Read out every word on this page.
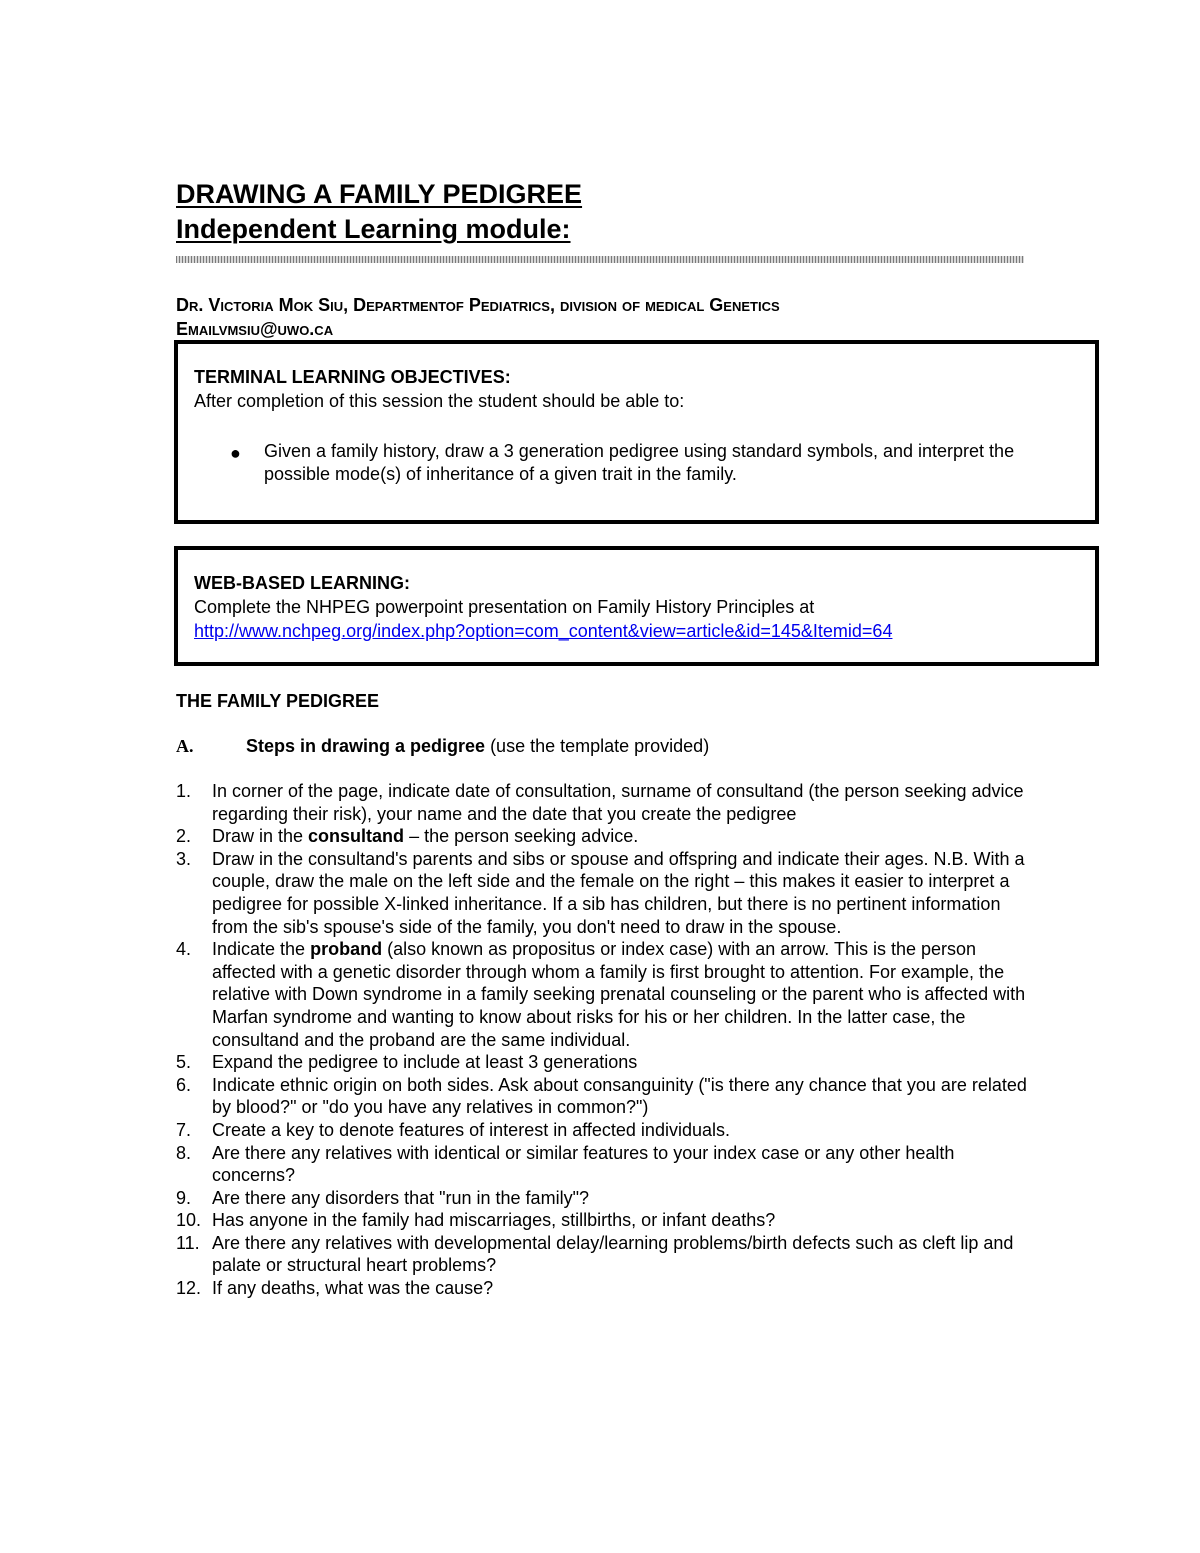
DRAWING A FAMILY PEDIGREE
Independent Learning module:
Dr. Victoria Mok Siu, Departmentof Pediatrics, division of medical Genetics
Emailvmsiu@uwo.ca
TERMINAL LEARNING OBJECTIVES:
After completion of this session the student should be able to:
● Given a family history, draw a 3 generation pedigree using standard symbols, and interpret the possible mode(s) of inheritance of a given trait in the family.
WEB-BASED LEARNING:
Complete the NHPEG powerpoint presentation on Family History Principles at
http://www.nchpeg.org/index.php?option=com_content&view=article&id=145&Itemid=64
THE FAMILY PEDIGREE
A.	Steps in drawing a pedigree (use the template provided)
1. In corner of the page, indicate date of consultation, surname of consultand (the person seeking advice regarding their risk), your name and the date that you create the pedigree
2. Draw in the consultand – the person seeking advice.
3. Draw in the consultand's parents and sibs or spouse and offspring and indicate their ages. N.B. With a couple, draw the male on the left side and the female on the right – this makes it easier to interpret a pedigree for possible X-linked inheritance. If a sib has children, but there is no pertinent information from the sib's spouse's side of the family, you don't need to draw in the spouse.
4. Indicate the proband (also known as propositus or index case) with an arrow. This is the person affected with a genetic disorder through whom a family is first brought to attention. For example, the relative with Down syndrome in a family seeking prenatal counseling or the parent who is affected with Marfan syndrome and wanting to know about risks for his or her children. In the latter case, the consultand and the proband are the same individual.
5. Expand the pedigree to include at least 3 generations
6. Indicate ethnic origin on both sides. Ask about consanguinity ("is there any chance that you are related by blood?" or "do you have any relatives in common?")
7. Create a key to denote features of interest in affected individuals.
8. Are there any relatives with identical or similar features to your index case or any other health concerns?
9. Are there any disorders that "run in the family"?
10. Has anyone in the family had miscarriages, stillbirths, or infant deaths?
11. Are there any relatives with developmental delay/learning problems/birth defects such as cleft lip and palate or structural heart problems?
12. If any deaths, what was the cause?
